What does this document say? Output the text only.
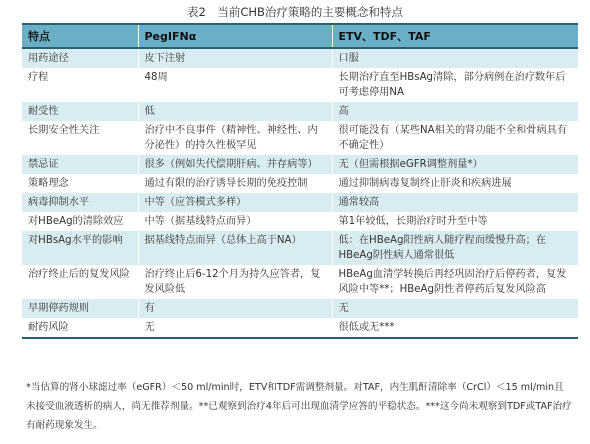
表2　当前CHB治疗策略的主要概念和特点
特点	PegIFNα	ETV、TDF、TAF
用药途径	皮下注射	口服
疗程	48周	长期治疗直至HBsAg清除，部分病例在治疗数年后可考虑停用NA
耐受性	低	高
长期安全性关注	治疗中不良事件（精神性、神经性、内分泌性）的持久性极罕见	很可能没有（某些NA相关的肾功能不全和骨病具有不确定性）
禁忌证	很多（例如失代偿期肝病、并存病等）	无（但需根据eGFR调整剂量*）
策略理念	通过有限的治疗诱导长期的免疫控制	通过抑制病毒复制终止肝炎和疾病进展
病毒抑制水平	中等（应答模式多样）	通常较高
对HBeAg的清除效应	中等（据基线特点而异）	第1年较低，长期治疗时升至中等
对HBsAg水平的影响	据基线特点而异（总体上高于NA）	低：在HBeAg阳性病人随疗程而缓慢升高；在HBeAg阴性病人通常很低
治疗终止后的复发风险	治疗终止后6-12个月为持久应答者，复发风险低	HBeAg血清学转换后再经巩固治疗后停药者，复发风险中等**；HBeAg阴性者停药后复发风险高
早期停药规则	有	无
耐药风险	无	很低或无***
*当估算的肾小球滤过率（eGFR）＜50 ml/min时，ETV和TDF需调整剂量。对TAF，内生肌酐清除率（CrCl）＜15 ml/min且未接受血液透析的病人，尚无推荐剂量。**已观察到治疗4年后可出现血清学应答的平稳状态。***这今尚未观察到TDF或TAF治疗有耐药现象发生。
